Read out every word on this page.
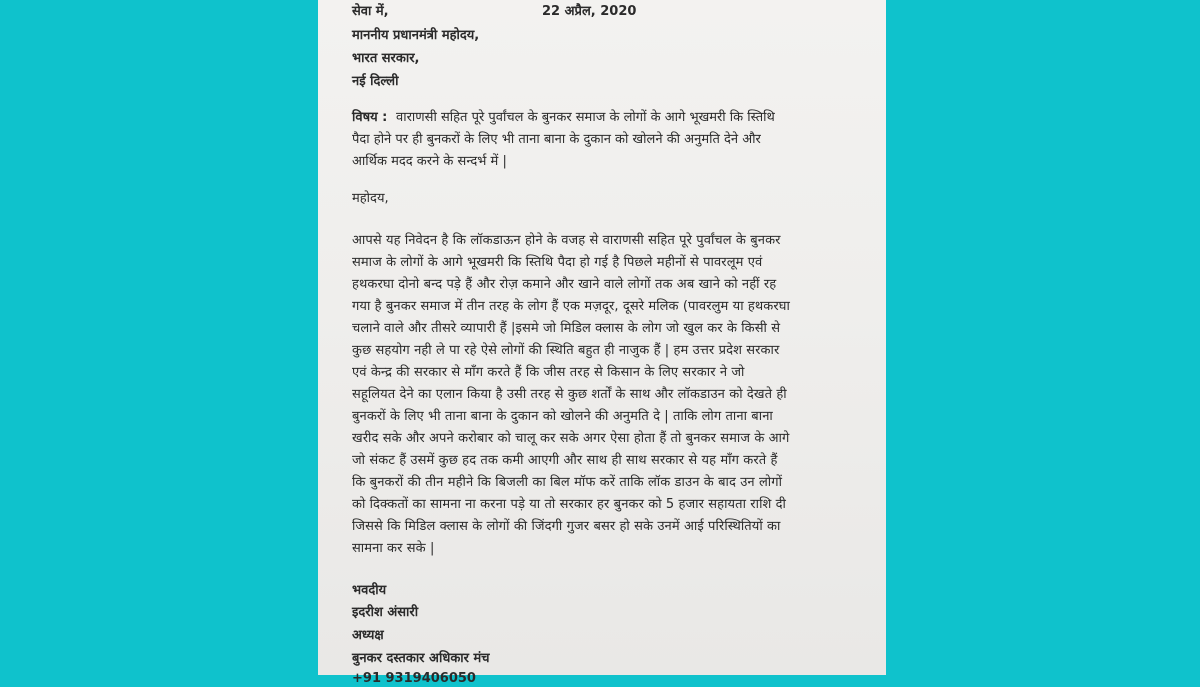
सेवा में,	22 अप्रैल, 2020
माननीय प्रधानमंत्री महोदय,
भारत सरकार,
नई दिल्ली
विषय : वाराणसी सहित पूरे पुर्वांचल के बुनकर समाज के लोगों के आगे भूखमरी कि स्तिथि
पैदा होने पर ही बुनकरों के लिए भी ताना बाना के दुकान को खोलने की अनुमति देने और
आर्थिक मदद करने के सन्दर्भ में |
महोदय,
आपसे यह निवेदन है कि लॉकडाऊन होने के वजह से वाराणसी सहित पूरे पुर्वांचल के बुनकर
समाज के लोगों के आगे भूखमरी कि स्तिथि पैदा हो गई है पिछले महीनों से पावरलूम एवं
हथकरघा दोनो बन्द पड़े हैं और रोज़ कमाने और खाने वाले लोगों तक अब खाने को नहीं रह
गया है बुनकर समाज में तीन तरह के लोग हैं एक मज़दूर, दूसरे मलिक (पावरलुम या हथकरघा
चलाने वाले और तीसरे व्यापारी हैं |इसमे जो मिडिल क्लास के लोग जो खुल कर के किसी से
कुछ सहयोग नही ले पा रहे ऐसे लोगों की स्थिति बहुत ही नाजुक हैं | हम उत्तर प्रदेश सरकार
एवं केन्द्र की सरकार से मॉंग करते हैं कि जीस तरह से किसान के लिए सरकार ने जो
सहूलियत देने का एलान किया है उसी तरह से कुछ शर्तों के साथ और लॉकडाउन को देखते ही
बुनकरों के लिए भी ताना बाना के दुकान को खोलने की अनुमति दे | ताकि लोग ताना बाना
खरीद सके और अपने करोबार को चालू कर सके अगर ऐसा होता हैं तो बुनकर समाज के आगे
जो संकट हैं उसमें कुछ हद तक कमी आएगी और साथ ही साथ सरकार से यह मॉंग करते हैं
कि बुनकरों की तीन महीने कि बिजली का बिल मॉफ करें ताकि लॉक डाउन के बाद उन लोगों
को दिक्कतों का सामना ना करना पड़े या तो सरकार हर बुनकर को 5 हजार सहायता राशि दी
जिससे कि मिडिल क्लास के लोगों की जिंदगी गुजर बसर हो सके उनमें आई परिस्थितियों का
सामना कर सके |
भवदीय
इदरीश अंसारी
अध्यक्ष
बुनकर दस्तकार अधिकार मंच
+91 9319406050
